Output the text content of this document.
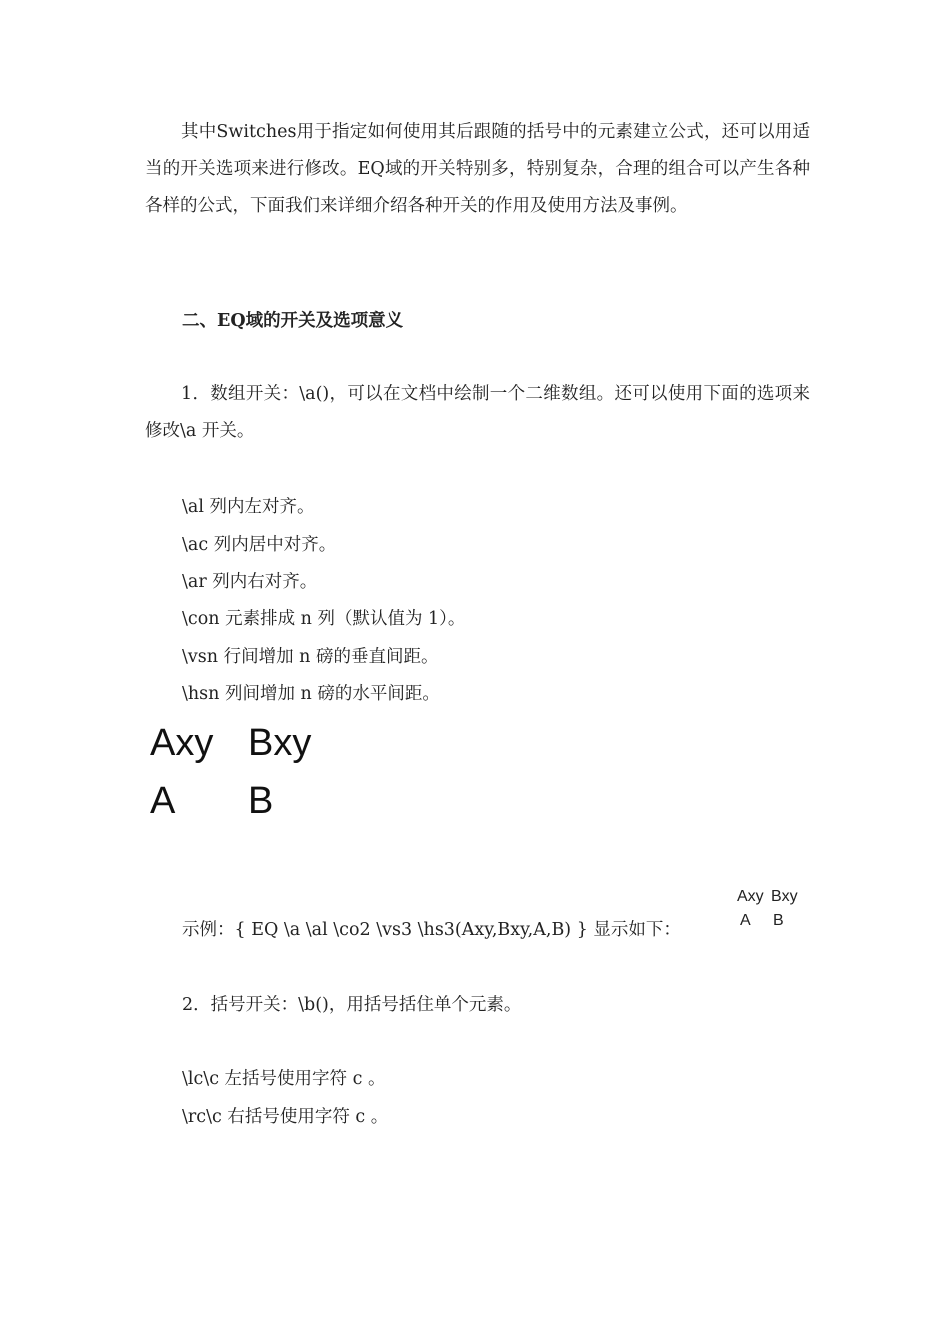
其中Switches用于指定如何使用其后跟随的括号中的元素建立公式，还可以用适当的开关选项来进行修改。EQ域的开关特别多，特别复杂，合理的组合可以产生各种各样的公式，下面我们来详细介绍各种开关的作用及使用方法及事例。

二、EQ域的开关及选项意义

1．数组开关：\a()，可以在文档中绘制一个二维数组。还可以使用下面的选项来修改\a 开关。

\al 列内左对齐。

\ac 列内居中对齐。

\ar 列内右对齐。

\con 元素排成 n 列（默认值为 1）。

\vsn 行间增加 n 磅的垂直间距。

\hsn 列间增加 n 磅的水平间距。

Axy Bxy
A B

示例：{ EQ \a \al \co2 \vs3 \hs3(Axy,Bxy,A,B) } 显示如下：

Axy Bxy
A B

2．括号开关：\b()，用括号括住单个元素。

\lc\c 左括号使用字符 c 。

\rc\c 右括号使用字符 c 。
